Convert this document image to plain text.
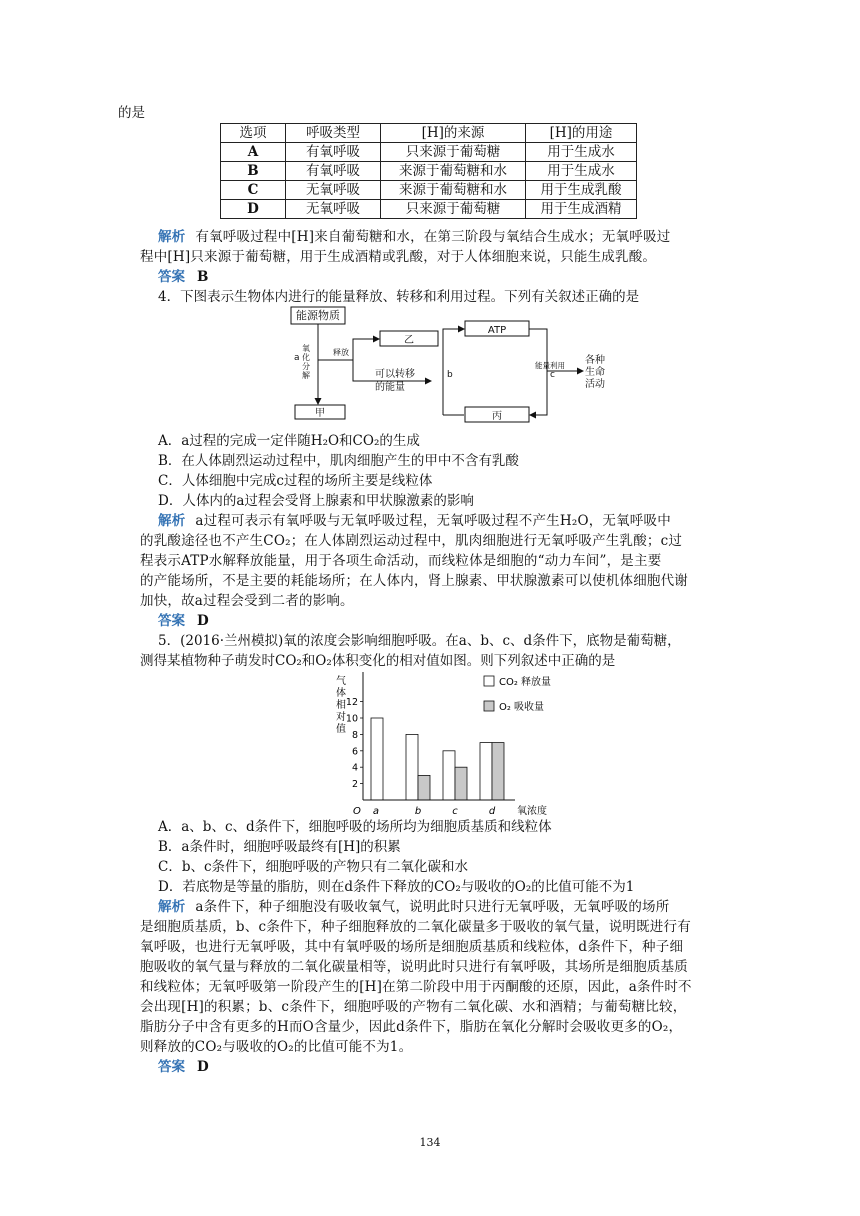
的是
选项	呼吸类型	[H]的来源	[H]的用途
A	有氧呼吸	只来源于葡萄糖	用于生成水
B	有氧呼吸	来源于葡萄糖和水	用于生成水
C	无氧呼吸	来源于葡萄糖和水	用于生成乳酸
D	无氧呼吸	只来源于葡萄糖	用于生成酒精
解析 有氧呼吸过程中[H]来自葡萄糖和水，在第三阶段与氧结合生成水；无氧呼吸过
程中[H]只来源于葡萄糖，用于生成酒精或乳酸，对于人体细胞来说，只能生成乳酸。
答案 B
4．下图表示生物体内进行的能量释放、转移和利用过程。下列有关叙述正确的是
能源物质
a
氧
化
分
解
释放
乙
可以转移
的能量
甲
ATP
b	c
能量利用 各种
生命
活动
丙
A．a过程的完成一定伴随H₂O和CO₂的生成
B．在人体剧烈运动过程中，肌肉细胞产生的甲中不含有乳酸
C．人体细胞中完成c过程的场所主要是线粒体
D．人体内的a过程会受肾上腺素和甲状腺激素的影响
解析 a过程可表示有氧呼吸与无氧呼吸过程，无氧呼吸过程不产生H₂O，无氧呼吸中
的乳酸途径也不产生CO₂；在人体剧烈运动过程中，肌肉细胞进行无氧呼吸产生乳酸；c过
程表示ATP水解释放能量，用于各项生命活动，而线粒体是细胞的“动力车间”，是主要
的产能场所，不是主要的耗能场所；在人体内，肾上腺素、甲状腺激素可以使机体细胞代谢
加快，故a过程会受到二者的影响。
答案 D
5．(2016·兰州模拟)氧的浓度会影响细胞呼吸。在a、b、c、d条件下，底物是葡萄糖，
测得某植物种子萌发时CO₂和O₂体积变化的相对值如图。则下列叙述中正确的是
气
体
相
对
值
2
4
6
8
10
12
O	氧浓度
a	b	c	d
CO₂ 释放量
O₂ 吸收量
A．a、b、c、d条件下，细胞呼吸的场所均为细胞质基质和线粒体
B．a条件时，细胞呼吸最终有[H]的积累
C．b、c条件下，细胞呼吸的产物只有二氧化碳和水
D．若底物是等量的脂肪，则在d条件下释放的CO₂与吸收的O₂的比值可能不为1
解析 a条件下，种子细胞没有吸收氧气，说明此时只进行无氧呼吸，无氧呼吸的场所
是细胞质基质，b、c条件下，种子细胞释放的二氧化碳量多于吸收的氧气量，说明既进行有
氧呼吸，也进行无氧呼吸，其中有氧呼吸的场所是细胞质基质和线粒体，d条件下，种子细
胞吸收的氧气量与释放的二氧化碳量相等，说明此时只进行有氧呼吸，其场所是细胞质基质
和线粒体；无氧呼吸第一阶段产生的[H]在第二阶段中用于丙酮酸的还原，因此，a条件时不
会出现[H]的积累；b、c条件下，细胞呼吸的产物有二氧化碳、水和酒精；与葡萄糖比较，
脂肪分子中含有更多的H而O含量少，因此d条件下，脂肪在氧化分解时会吸收更多的O₂，
则释放的CO₂与吸收的O₂的比值可能不为1。
答案 D
134
